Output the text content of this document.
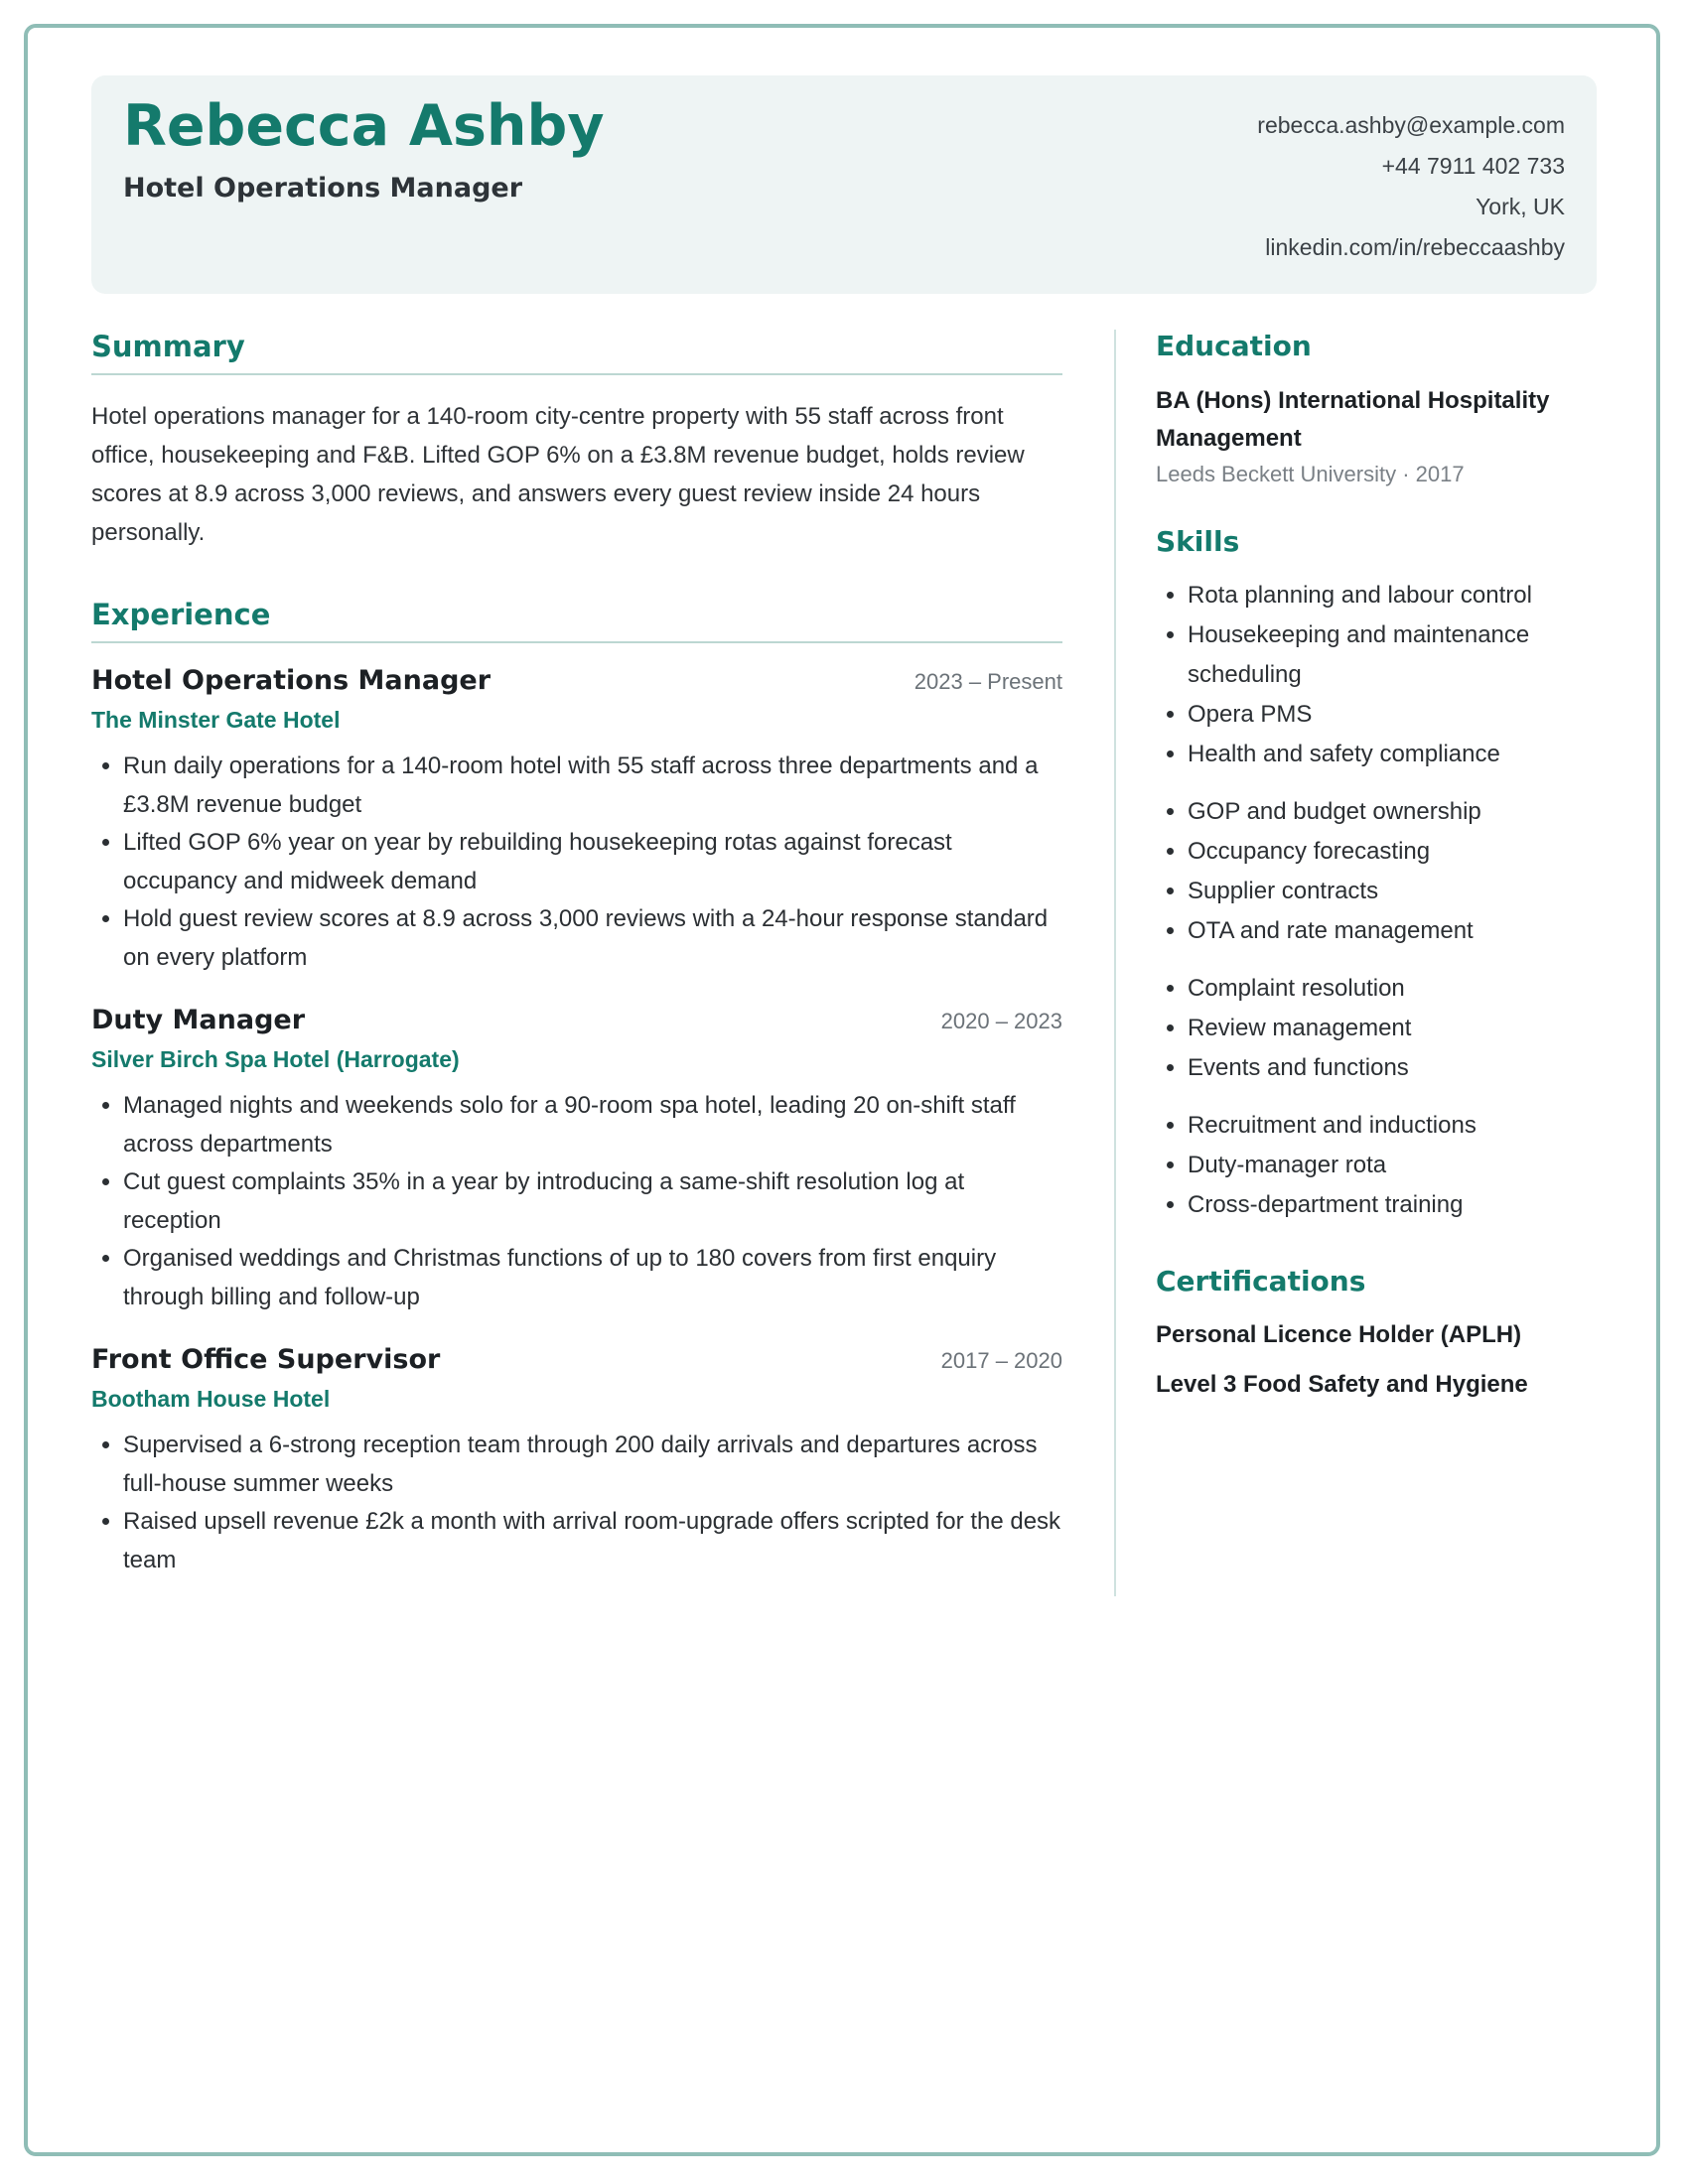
Rebecca Ashby
Hotel Operations Manager
rebecca.ashby@example.com
+44 7911 402 733
York, UK
linkedin.com/in/rebeccaashby
Summary

Hotel operations manager for a 140-room city-centre property with 55 staff across front office, housekeeping and F&B. Lifted GOP 6% on a £3.8M revenue budget, holds review scores at 8.9 across 3,000 reviews, and answers every guest review inside 24 hours personally.

Experience
Hotel Operations Manager	2023 – Present
The Minster Gate Hotel
• Run daily operations for a 140-room hotel with 55 staff across three departments and a £3.8M revenue budget
• Lifted GOP 6% year on year by rebuilding housekeeping rotas against forecast occupancy and midweek demand
• Hold guest review scores at 8.9 across 3,000 reviews with a 24-hour response standard on every platform
Duty Manager	2020 – 2023
Silver Birch Spa Hotel (Harrogate)
• Managed nights and weekends solo for a 90-room spa hotel, leading 20 on-shift staff across departments
• Cut guest complaints 35% in a year by introducing a same-shift resolution log at reception
• Organised weddings and Christmas functions of up to 180 covers from first enquiry through billing and follow-up
Front Office Supervisor	2017 – 2020
Bootham House Hotel
• Supervised a 6-strong reception team through 200 daily arrivals and departures across full-house summer weeks
• Raised upsell revenue £2k a month with arrival room-upgrade offers scripted for the desk team
Education
BA (Hons) International Hospitality Management
Leeds Beckett University · 2017
Skills
• Rota planning and labour control
• Housekeeping and maintenance scheduling
• Opera PMS
• Health and safety compliance
• GOP and budget ownership
• Occupancy forecasting
• Supplier contracts
• OTA and rate management
• Complaint resolution
• Review management
• Events and functions
• Recruitment and inductions
• Duty-manager rota
• Cross-department training
Certifications
Personal Licence Holder (APLH)
Level 3 Food Safety and Hygiene
